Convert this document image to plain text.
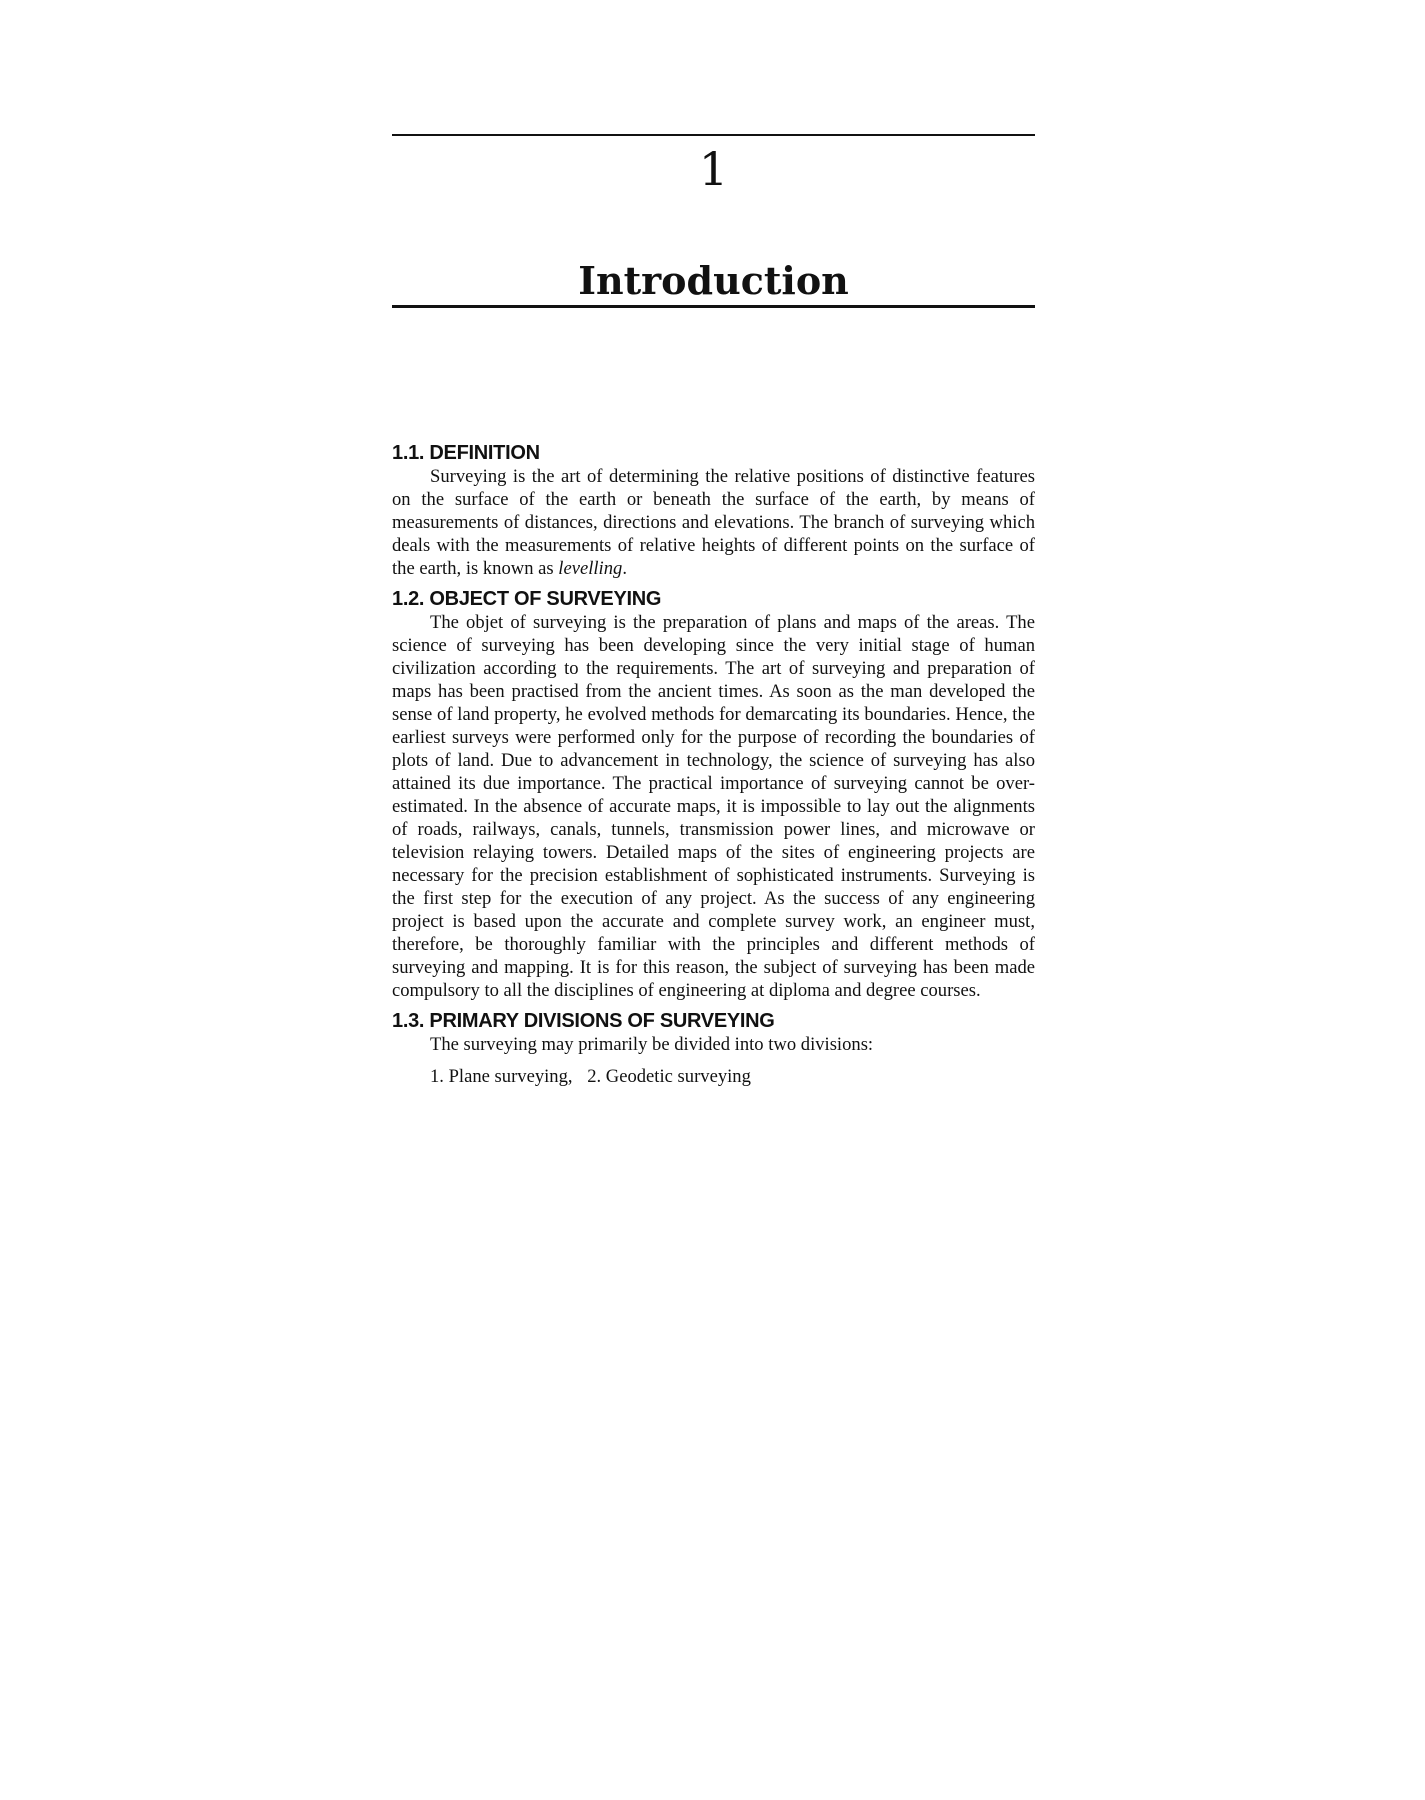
1
Introduction
1.1. DEFINITION

Surveying is the art of determining the relative positions of distinctive features on the surface of the earth or beneath the surface of the earth, by means of measurements of distances, directions and elevations. The branch of surveying which deals with the measurements of relative heights of different points on the surface of the earth, is known as levelling.

1.2. OBJECT OF SURVEYING

The objet of surveying is the preparation of plans and maps of the areas. The science of surveying has been developing since the very initial stage of human civilization according to the requirements. The art of surveying and preparation of maps has been practised from the ancient times. As soon as the man developed the sense of land property, he evolved methods for demarcating its boundaries. Hence, the earliest surveys were performed only for the purpose of recording the boundaries of plots of land. Due to advancement in technology, the science of surveying has also attained its due importance. The practical importance of surveying cannot be over-estimated. In the absence of accurate maps, it is impossible to lay out the alignments of roads, railways, canals, tunnels, transmission power lines, and microwave or television relaying towers. Detailed maps of the sites of engineering projects are necessary for the precision establishment of sophisticated instruments. Surveying is the first step for the execution of any project. As the success of any engineering project is based upon the accurate and complete survey work, an engineer must, therefore, be thoroughly familiar with the principles and different methods of surveying and mapping. It is for this reason, the subject of surveying has been made compulsory to all the disciplines of engineering at diploma and degree courses.

1.3. PRIMARY DIVISIONS OF SURVEYING

The surveying may primarily be divided into two divisions:

1. Plane surveying, 2. Geodetic surveying
